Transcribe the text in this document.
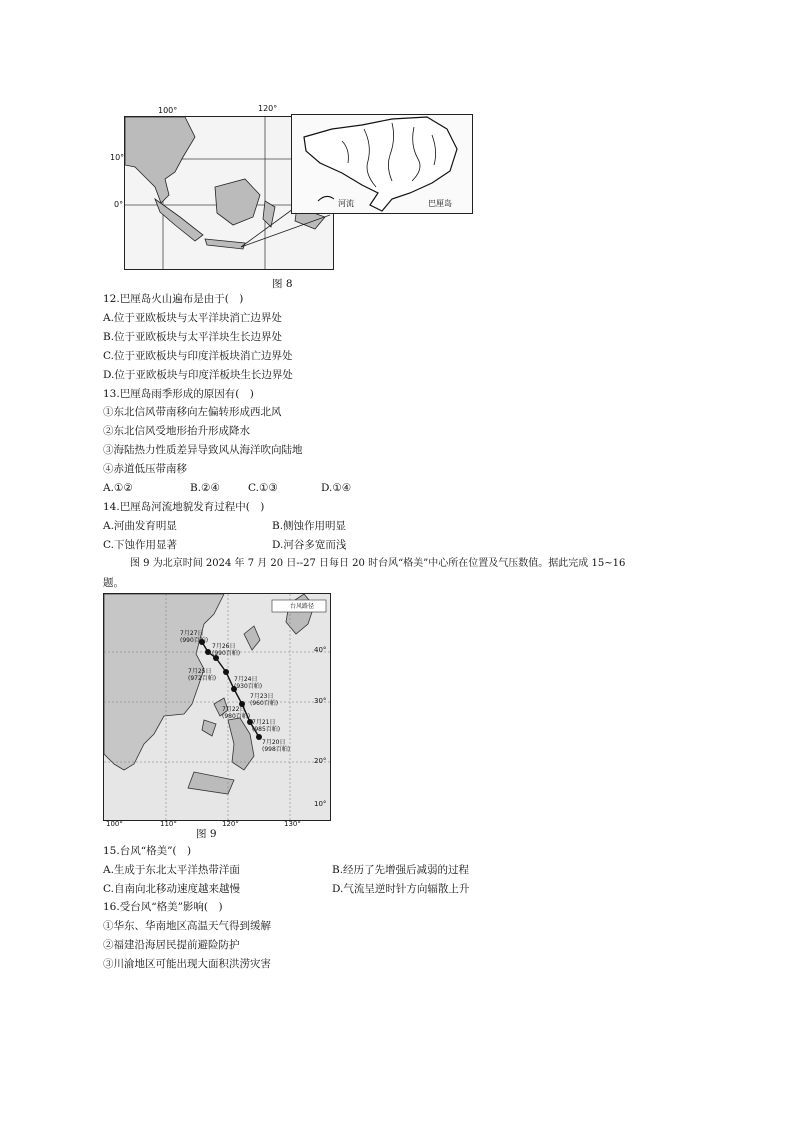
100°	120°
10°
0°	河流	巴厘岛
图 8
12.巴厘岛火山遍布是由于(　)
A.位于亚欧板块与太平洋块消亡边界处
B.位于亚欧板块与太平洋块生长边界处
C.位于亚欧板块与印度洋板块消亡边界处
D.位于亚欧板块与印度洋板块生长边界处
13.巴厘岛雨季形成的原因有(　)
①东北信风带南移向左偏转形成西北风
②东北信风受地形抬升形成降水
③海陆热力性质差异导致风从海洋吹向陆地
④赤道低压带南移
A.①②	B.②④	C.①③	D.①④
14.巴厘岛河流地貌发育过程中(　)
A.河曲发育明显	B.侧蚀作用明显
C.下蚀作用显著	D.河谷多宽而浅
图 9 为北京时间 2024 年 7 月 20 日--27 日每日 20 时台风“格美”中心所在位置及气压数值。据此完成 15~16
题。
台风路径
7月27日
(990百帕)
7月26日
(990百帕)
7月25日
(972百帕)	7月24日
(930百帕)
7月23日
(960百帕)
7月22日
(980百帕)
7月21日
(985百帕)
7月20日
(998百帕)
100°	110°	120°	130°
40°
30°
20°
10°
图 9
15.台风“格美”(　)
A.生成于东北太平洋热带洋面	B.经历了先增强后减弱的过程
C.自南向北移动速度越来越慢	D.气流呈逆时针方向辐散上升
16.受台风“格美”影响(　)
①华东、华南地区高温天气得到缓解
②福建沿海居民提前避险防护
③川渝地区可能出现大面积洪涝灾害
